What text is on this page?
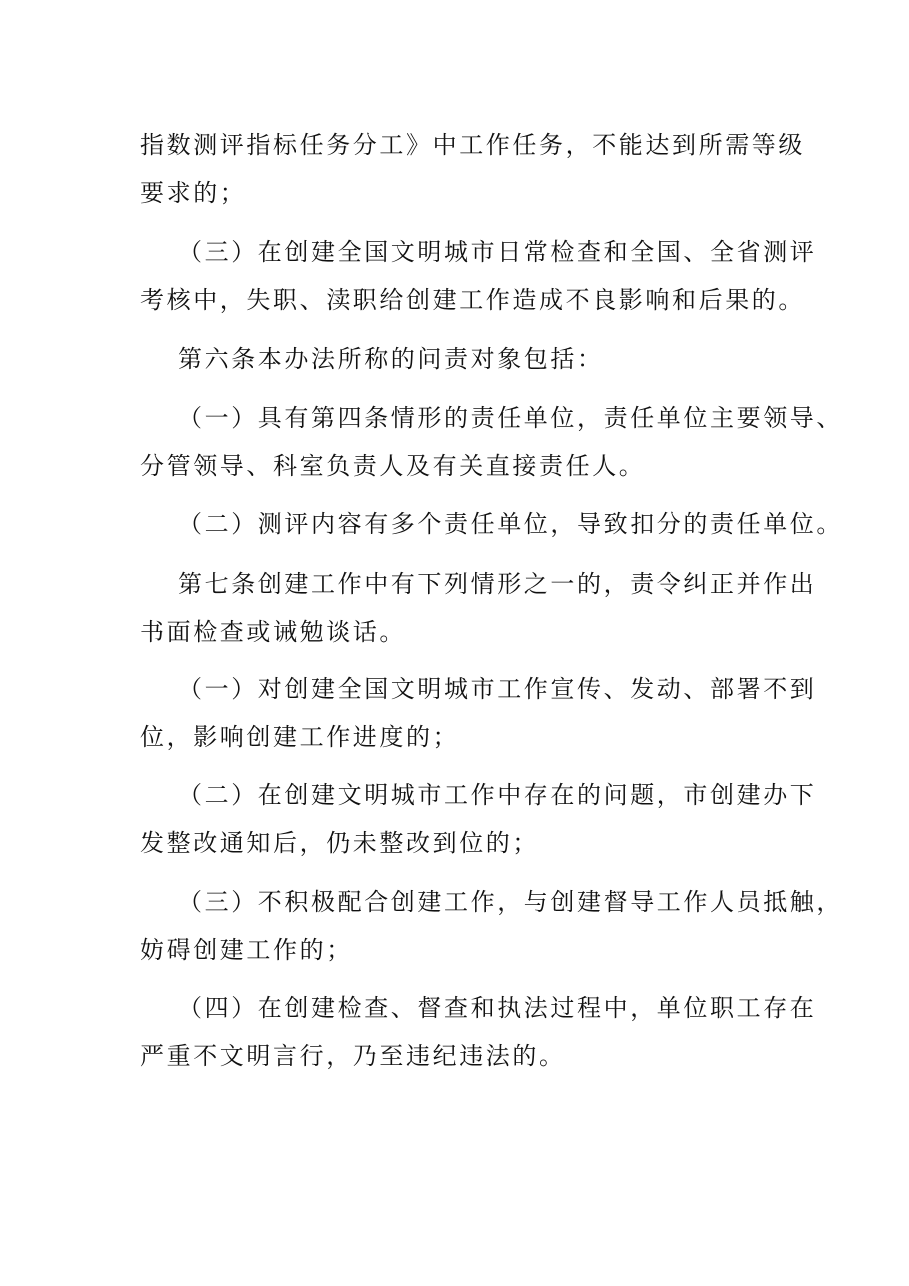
指数测评指标任务分工》中工作任务，不能达到所需等级
要求的；

（三）在创建全国文明城市日常检查和全国、全省测评
考核中，失职、渎职给创建工作造成不良影响和后果的。

第六条本办法所称的问责对象包括：

（一）具有第四条情形的责任单位，责任单位主要领导、
分管领导、科室负责人及有关直接责任人。

（二）测评内容有多个责任单位，导致扣分的责任单位。

第七条创建工作中有下列情形之一的，责令纠正并作出
书面检查或诫勉谈话。

（一）对创建全国文明城市工作宣传、发动、部署不到
位，影响创建工作进度的；

（二）在创建文明城市工作中存在的问题，市创建办下
发整改通知后，仍未整改到位的；

（三）不积极配合创建工作，与创建督导工作人员抵触，
妨碍创建工作的；

（四）在创建检查、督查和执法过程中，单位职工存在
严重不文明言行，乃至违纪违法的。
